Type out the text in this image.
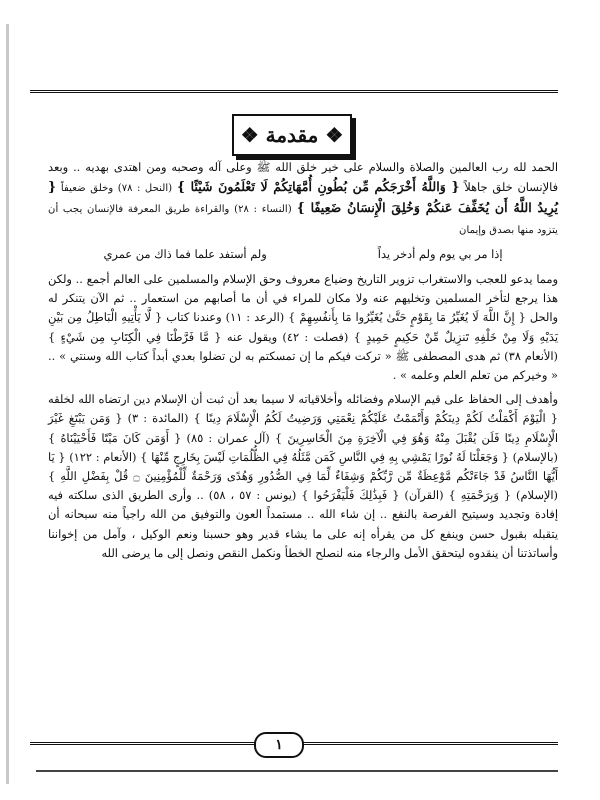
❖ مقدمة ❖

الحمد لله رب العالمين والصلاة والسلام على خير خلق الله ﷺ وعلى آله وصحبه ومن اهتدى بهديه .. وبعد فالإنسان خلق جاهلاً { وَاللَّهُ أَخْرَجَكُم مِّن بُطُونِ أُمَّهَاتِكُمْ لَا تَعْلَمُونَ شَيْئًا } (النحل : ٧٨) وخلق ضعيفاً { يُرِيدُ اللَّهُ أَن يُخَفِّفَ عَنكُمْ وَخُلِقَ الْإِنسَانُ ضَعِيفًا } (النساء : ٢٨) والقراءة طريق المعرفة فالإنسان يجب أن يتزود منها بصدق وإيمان

إذا مر بي يوم ولم أدخر يداً
ولم أستفد علما فما ذاك من عمري

ومما يدعو للعجب والاستغراب تزوير التاريخ وضياع معروف وحق الإسلام والمسلمين على العالم أجمع .. ولكن هذا يرجع لتأخر المسلمين وتخليهم عنه ولا مكان للمراء في أن ما أصابهم من استعمار .. ثم الآن يتنكر له والحل { إِنَّ اللَّهَ لَا يُغَيِّرُ مَا بِقَوْمٍ حَتَّىٰ يُغَيِّرُوا مَا بِأَنفُسِهِمْ } (الرعد : ١١) وعندنا كتاب { لَّا يَأْتِيهِ الْبَاطِلُ مِن بَيْنِ يَدَيْهِ وَلَا مِنْ خَلْفِهِ تَنزِيلٌ مِّنْ حَكِيمٍ حَمِيدٍ } (فصلت : ٤٢) ويقول عنه { مَّا فَرَّطْنَا فِي الْكِتَابِ مِن شَيْءٍ } (الأنعام ٣٨) ثم هدى المصطفى ﷺ « تركت فيكم ما إن تمسكتم به لن تضلوا بعدي أبداً كتاب الله وسنتي » .. « وخيركم من تعلم العلم وعلمه » .

وأهدف إلى الحفاظ على قيم الإسلام وفضائله وأخلاقياته لا سيما بعد أن ثبت أن الإسلام دين ارتضاه الله لخلقه { الْيَوْمَ أَكْمَلْتُ لَكُمْ دِينَكُمْ وَأَتْمَمْتُ عَلَيْكُمْ نِعْمَتِي وَرَضِيتُ لَكُمُ الْإِسْلَامَ دِينًا } (المائدة : ٣) { وَمَن يَبْتَغِ غَيْرَ الْإِسْلَامِ دِينًا فَلَن يُقْبَلَ مِنْهُ وَهُوَ فِي الْآخِرَةِ مِنَ الْخَاسِرِينَ } (آل عمران : ٨٥) { أَوَمَن كَانَ مَيْتًا فَأَحْيَيْنَاهُ } (بالإسلام) { وَجَعَلْنَا لَهُ نُورًا يَمْشِي بِهِ فِي النَّاسِ كَمَن مَّثَلُهُ فِي الظُّلُمَاتِ لَيْسَ بِخَارِجٍ مِّنْهَا } (الأنعام : ١٢٢) { يَا أَيُّهَا النَّاسُ قَدْ جَاءَتْكُم مَّوْعِظَةٌ مِّن رَّبِّكُمْ وَشِفَاءٌ لِّمَا فِي الصُّدُورِ وَهُدًى وَرَحْمَةٌ لِّلْمُؤْمِنِينَ ۝ قُلْ بِفَضْلِ اللَّهِ } (الإسلام) { وَبِرَحْمَتِهِ } (القرآن) { فَبِذَٰلِكَ فَلْيَفْرَحُوا } (يونس : ٥٧ ، ٥٨) .. وأرى الطريق الذى سلكته فيه إفادة وتجديد وسيتيح الفرصة بالنفع .. إن شاء الله .. مستمداً العون والتوفيق من الله راجياً منه سبحانه أن يتقبله بقبول حسن وينفع كل من يقرأه إنه على ما يشاء قدير وهو حسبنا ونعم الوكيل ، وآمل من إخواننا وأساتذتنا أن ينقدوه ليتحقق الأمل والرجاء منه لنصلح الخطأ ونكمل النقص ونصل إلى ما يرضى الله

١
